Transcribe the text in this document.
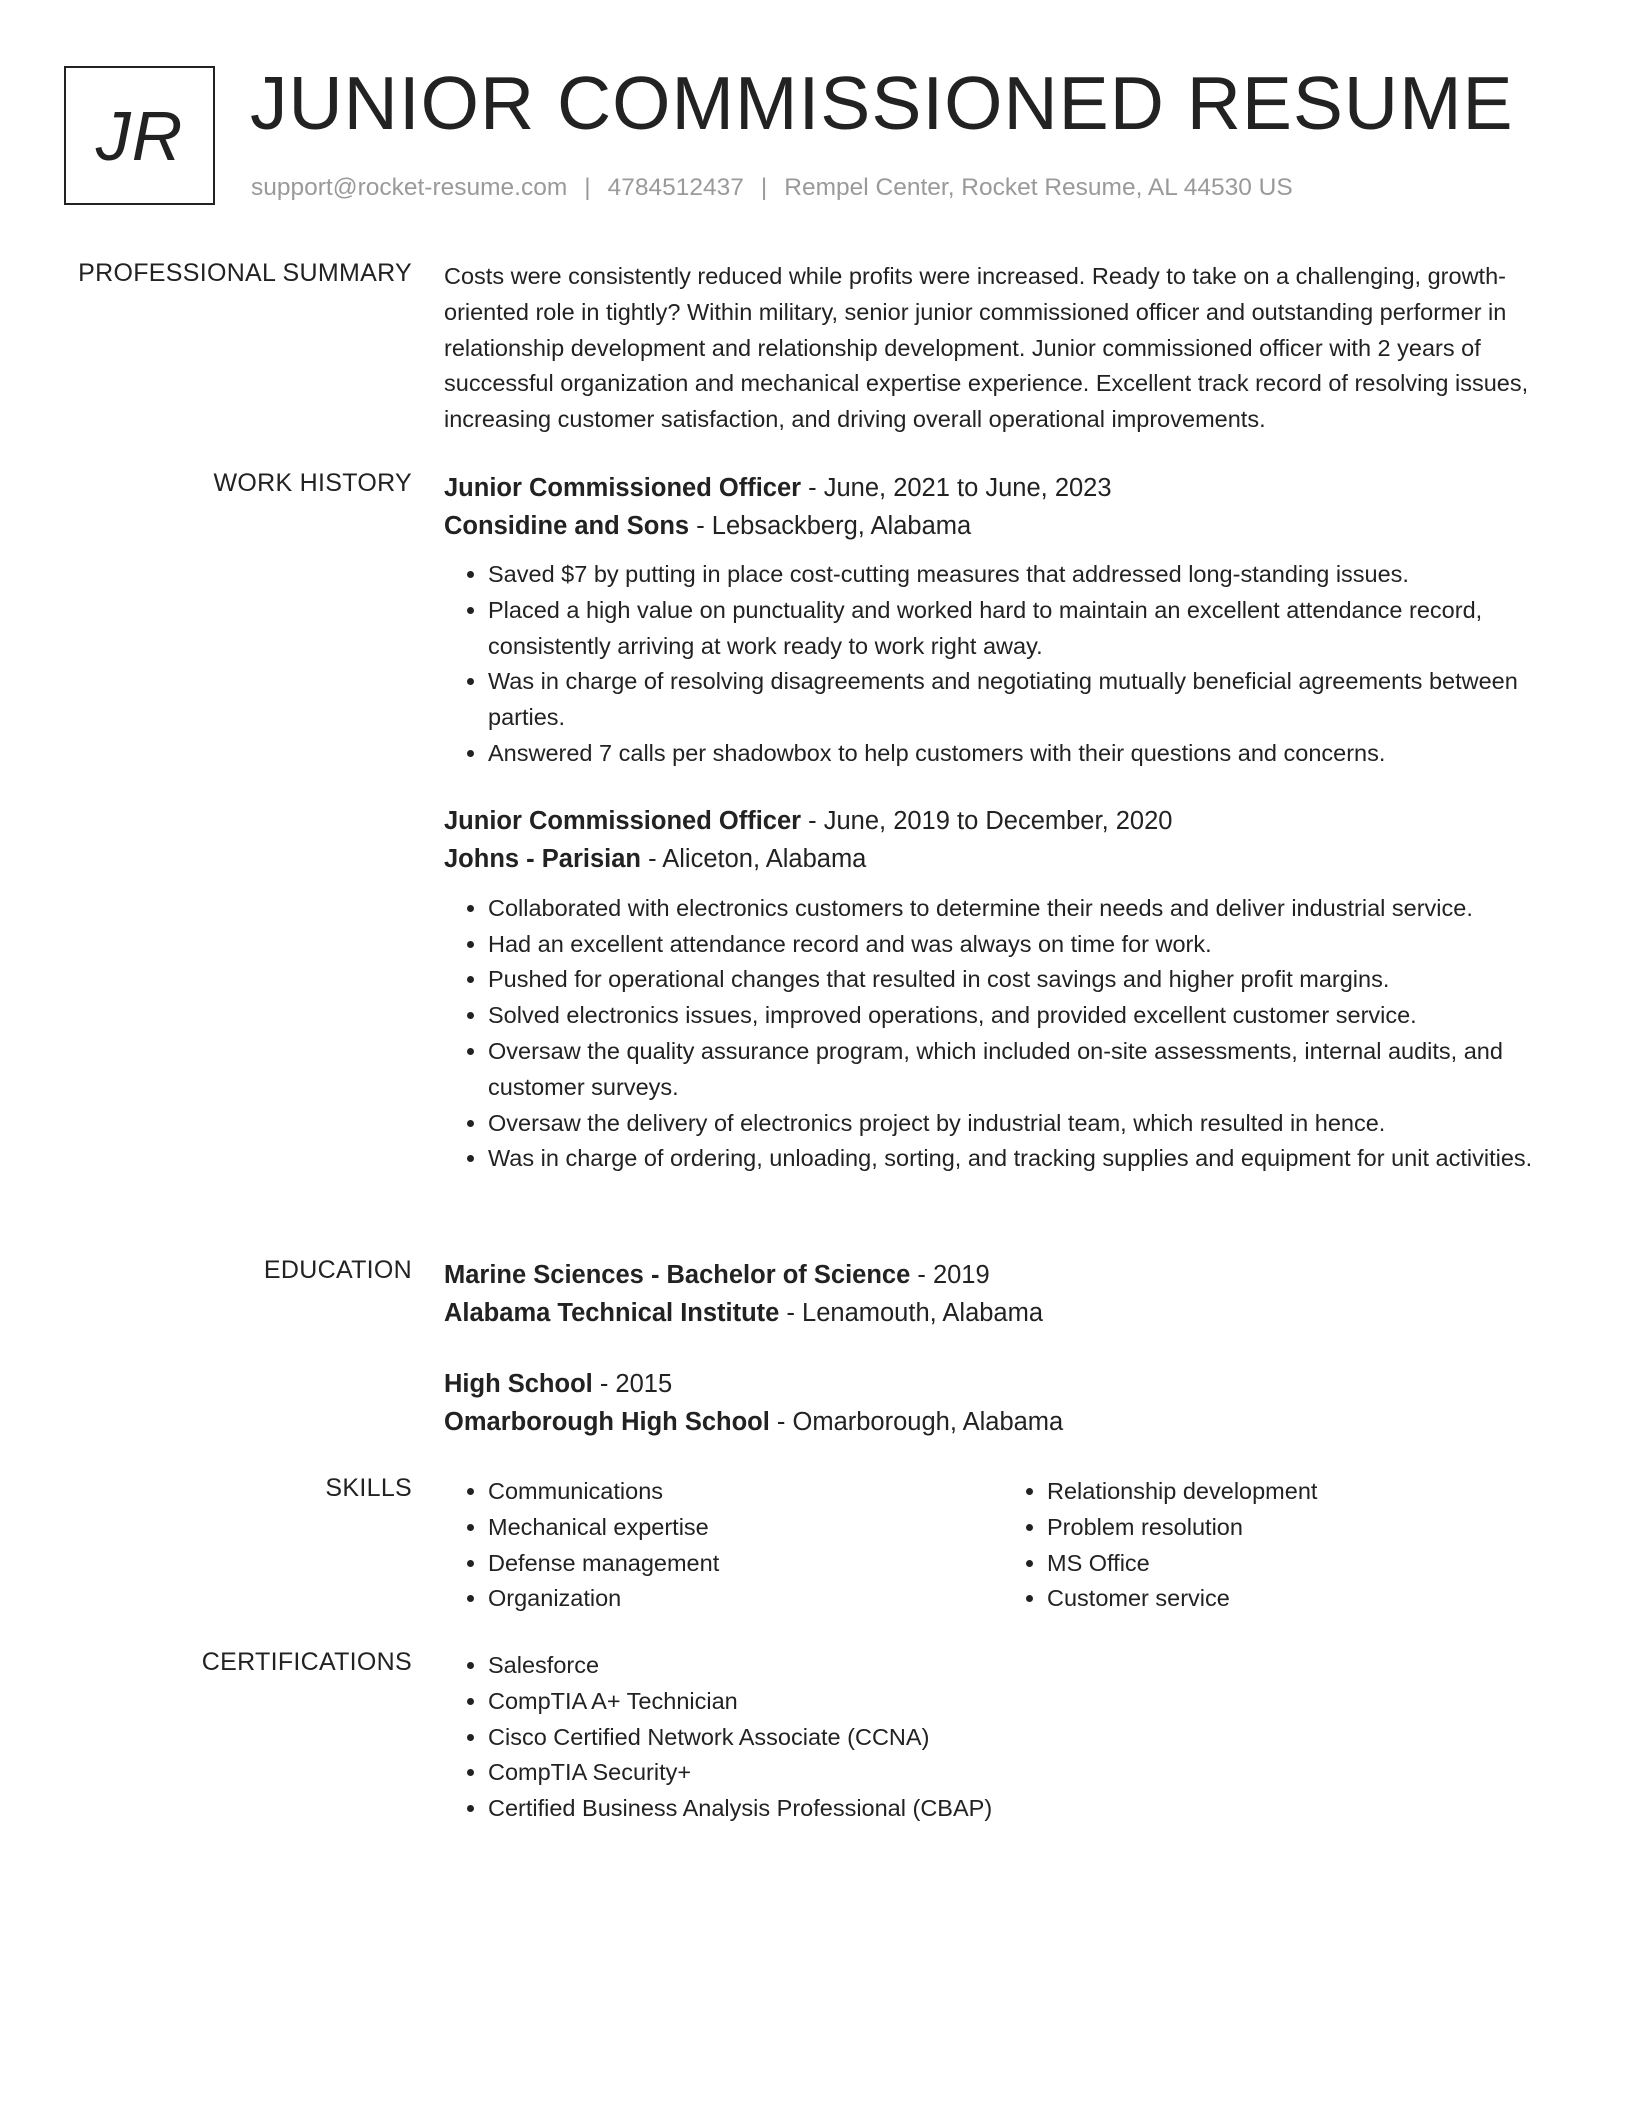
JR JUNIOR COMMISSIONED RESUME
support@rocket-resume.com | 4784512437 | Rempel Center, Rocket Resume, AL 44530 US
PROFESSIONAL SUMMARY Costs were consistently reduced while profits were increased. Ready to take on a challenging, growth-oriented role in tightly? Within military, senior junior commissioned officer and outstanding performer in relationship development and relationship development. Junior commissioned officer with 2 years of successful organization and mechanical expertise experience. Excellent track record of resolving issues, increasing customer satisfaction, and driving overall operational improvements.

WORK HISTORY Junior Commissioned Officer - June, 2021 to June, 2023
Considine and Sons - Lebsackberg, Alabama
• Saved $7 by putting in place cost-cutting measures that addressed long-standing issues.
• Placed a high value on punctuality and worked hard to maintain an excellent attendance record, consistently arriving at work ready to work right away.
• Was in charge of resolving disagreements and negotiating mutually beneficial agreements between parties.
• Answered 7 calls per shadowbox to help customers with their questions and concerns.
Junior Commissioned Officer - June, 2019 to December, 2020
Johns - Parisian - Aliceton, Alabama
• Collaborated with electronics customers to determine their needs and deliver industrial service.
• Had an excellent attendance record and was always on time for work.
• Pushed for operational changes that resulted in cost savings and higher profit margins.
• Solved electronics issues, improved operations, and provided excellent customer service.
• Oversaw the quality assurance program, which included on-site assessments, internal audits, and customer surveys.
• Oversaw the delivery of electronics project by industrial team, which resulted in hence.
• Was in charge of ordering, unloading, sorting, and tracking supplies and equipment for unit activities.
EDUCATION Marine Sciences - Bachelor of Science - 2019
Alabama Technical Institute - Lenamouth, Alabama
High School - 2015
Omarborough High School - Omarborough, Alabama
SKILLS	• Communications
• Mechanical expertise
• Defense management
• Organization
• Relationship development
• Problem resolution
• MS Office
• Customer service
CERTIFICATIONS	• Salesforce
• CompTIA A+ Technician
• Cisco Certified Network Associate (CCNA)
• CompTIA Security+
• Certified Business Analysis Professional (CBAP)
